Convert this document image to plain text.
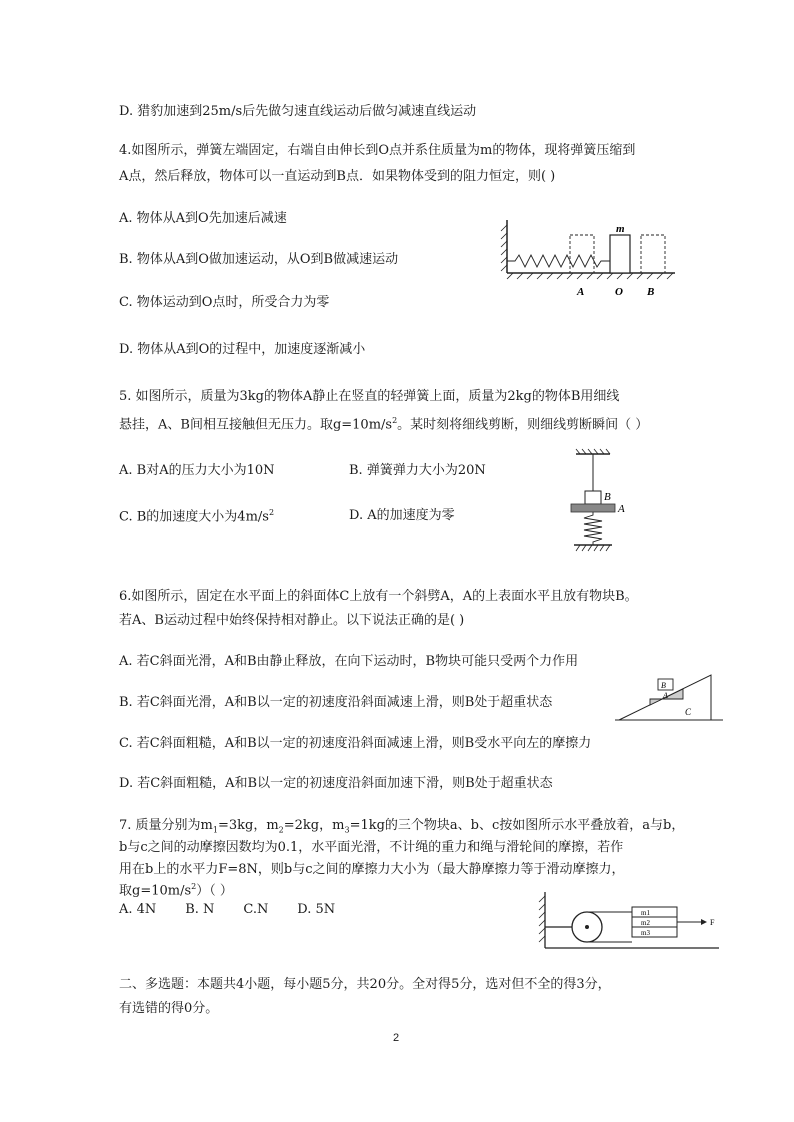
D. 猎豹加速到25m/s后先做匀速直线运动后做匀减速直线运动
4.如图所示，弹簧左端固定，右端自由伸长到O点并系住质量为m的物体，现将弹簧压缩到
A点，然后释放，物体可以一直运动到B点．如果物体受到的阻力恒定，则( )
A. 物体从A到O先加速后减速
B. 物体从A到O做加速运动，从O到B做减速运动
C. 物体运动到O点时，所受合力为零
D. 物体从A到O的过程中，加速度逐渐减小
m
A	O B
5. 如图所示，质量为3kg的物体A静止在竖直的轻弹簧上面，质量为2kg的物体B用细线
悬挂，A、B间相互接触但无压力。取$g=10m/s^2$。某时刻将细线剪断，则细线剪断瞬间（ ）
A. B对A的压力大小为10N	B. 弹簧弹力大小为20N
C. B的加速度大小为$4m/s^2$	D. A的加速度为零
B
A
6.如图所示，固定在水平面上的斜面体C上放有一个斜劈A，A的上表面水平且放有物块B。
若A、B运动过程中始终保持相对静止。以下说法正确的是( )
A. 若C斜面光滑，A和B由静止释放，在向下运动时，B物块可能只受两个力作用
B. 若C斜面光滑，A和B以一定的初速度沿斜面减速上滑，则B处于超重状态
C. 若C斜面粗糙，A和B以一定的初速度沿斜面减速上滑，则B受水平向左的摩擦力
D. 若C斜面粗糙，A和B以一定的初速度沿斜面加速下滑，则B处于超重状态
B
A
C
7. 质量分别为$m_1=3kg$，$m_2=2kg$，$m_3=1kg$的三个物块a、b、c按如图所示水平叠放着，a与b，
b与c之间的动摩擦因数均为0.1，水平面光滑，不计绳的重力和绳与滑轮间的摩擦，若作
用在b上的水平力F=8N，则b与c之间的摩擦力大小为（最大静摩擦力等于滑动摩擦力，
取$g=10m/s^2$）（ ）
A. 4N       B. N       C.N       D. 5N	m1
m2
m3
F
二、多选题：本题共4小题，每小题5分，共20分。全对得5分，选对但不全的得3分，
有选错的得0分。
2
